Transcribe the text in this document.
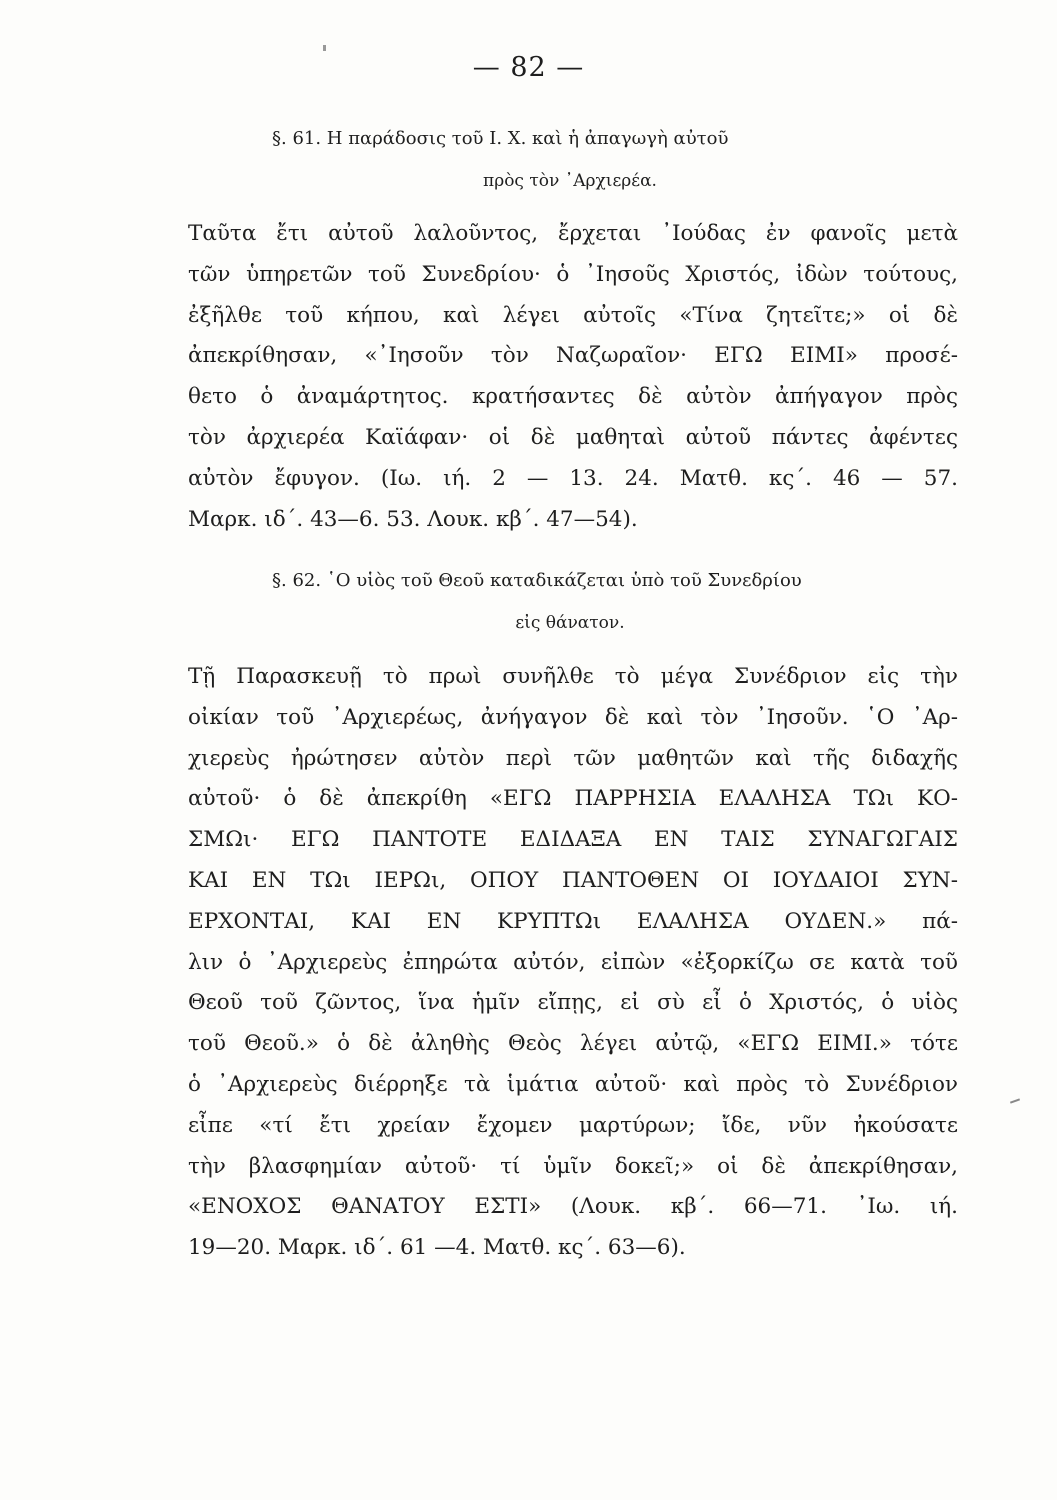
— 82 —
§. 61. Η παράδοσις τοῦ Ι. Χ. καὶ ἡ ἀπαγωγὴ αὐτοῦ
πρὸς τὸν ᾿Αρχιερέα.
Ταῦτα ἔτι αὐτοῦ λαλοῦντος, ἔρχεται ᾿Ιούδας ἐν φανοῖς μετὰ
τῶν ὑπηρετῶν τοῦ Συνεδρίου· ὁ ᾿Ιησοῦς Χριστός, ἰδὼν τούτους,
ἐξῆλθε τοῦ κήπου, καὶ λέγει αὐτοῖς «Τίνα ζητεῖτε;» οἱ δὲ
ἀπεκρίθησαν, «᾿Ιησοῦν τὸν Ναζωραῖον· ΕΓΩ ΕΙΜΙ» προσέ-
θετο ὁ ἀναμάρτητος. κρατήσαντες δὲ αὐτὸν ἀπήγαγον πρὸς
τὸν ἀρχιερέα Καϊάφαν· οἱ δὲ μαθηταὶ αὐτοῦ πάντες ἀφέντες
αὐτὸν ἔφυγον. (Ιω. ιή. 2 — 13. 24. Ματθ. κς΄. 46 — 57.
Μαρκ. ιδ΄. 43—6. 53. Λουκ. κβ΄. 47—54).
§. 62. ῾Ο υἱὸς τοῦ Θεοῦ καταδικάζεται ὑπὸ τοῦ Συνεδρίου
εἰς θάνατον.
Τῇ Παρασκευῇ τὸ πρωὶ συνῆλθε τὸ μέγα Συνέδριον εἰς τὴν
οἰκίαν τοῦ ᾿Αρχιερέως, ἀνήγαγον δὲ καὶ τὸν ᾿Ιησοῦν. ῾Ο ᾿Αρ-
χιερεὺς ἠρώτησεν αὐτὸν περὶ τῶν μαθητῶν καὶ τῆς διδαχῆς
αὐτοῦ· ὁ δὲ ἀπεκρίθη «ΕΓΩ ΠΑΡΡΗΣΙΑ ΕΛΑΛΗΣΑ ΤΩι ΚΟ-
ΣΜΩι· ΕΓΩ ΠΑΝΤΟΤΕ ΕΔΙΔΑΞΑ ΕΝ ΤΑΙΣ ΣΥΝΑΓΩΓΑΙΣ
ΚΑΙ ΕΝ ΤΩι ΙΕΡΩι, ΟΠΟΥ ΠΑΝΤΟΘΕΝ ΟΙ ΙΟΥΔΑΙΟΙ ΣΥΝ-
ΕΡΧΟΝΤΑΙ, ΚΑΙ ΕΝ ΚΡΥΠΤΩι ΕΛΑΛΗΣΑ ΟΥΔΕΝ.» πά-
λιν ὁ ᾿Αρχιερεὺς ἐπηρώτα αὐτόν, εἰπὼν «ἐξορκίζω σε κατὰ τοῦ
Θεοῦ τοῦ ζῶντος, ἵνα ἡμῖν εἴπῃς, εἰ σὺ εἶ ὁ Χριστός, ὁ υἱὸς
τοῦ Θεοῦ.» ὁ δὲ ἀληθὴς Θεὸς λέγει αὐτῷ, «ΕΓΩ ΕΙΜΙ.» τότε
ὁ ᾿Αρχιερεὺς διέρρηξε τὰ ἱμάτια αὐτοῦ· καὶ πρὸς τὸ Συνέδριον
εἶπε «τί ἔτι χρείαν ἔχομεν μαρτύρων; ἴδε, νῦν ἠκούσατε
τὴν βλασφημίαν αὐτοῦ· τί ὑμῖν δοκεῖ;» οἱ δὲ ἀπεκρίθησαν,
«ΕΝΟΧΟΣ ΘΑΝΑΤΟΥ ΕΣΤΙ» (Λουκ. κβ΄. 66—71. ᾿Ιω. ιή.
19—20. Μαρκ. ιδ΄. 61 —4. Ματθ. κς΄. 63—6).
